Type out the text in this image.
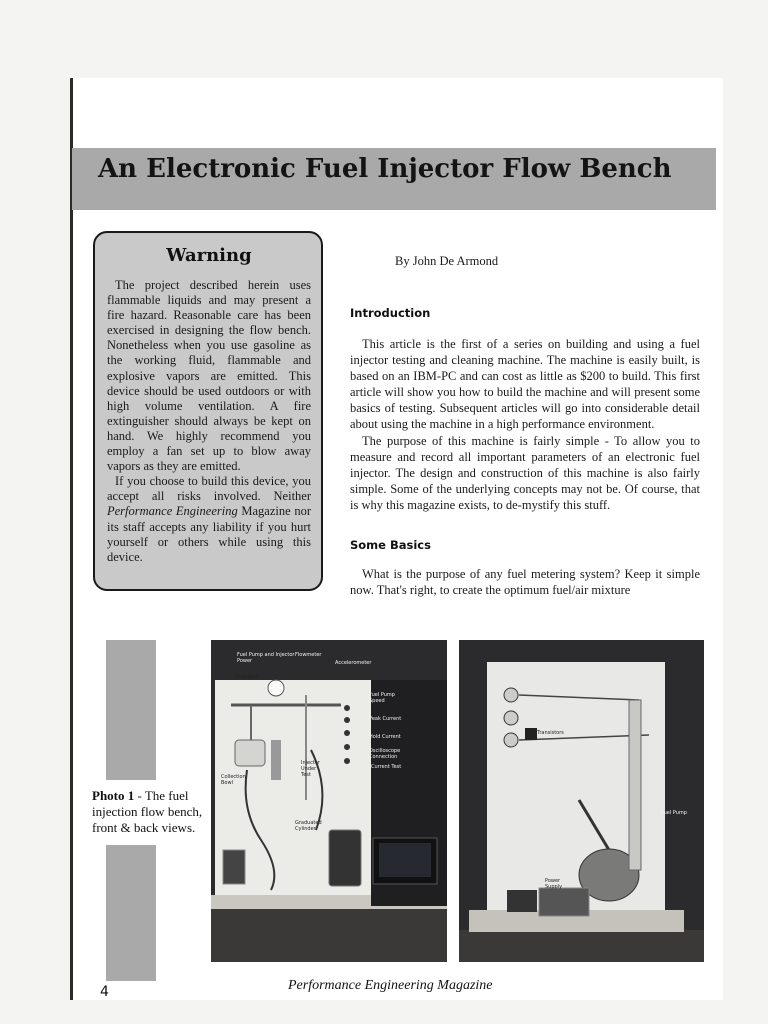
An Electronic Fuel Injector Flow Bench
Warning

The project described herein uses flammable liquids and may present a fire hazard. Reasonable care has been exercised in designing the flow bench. Nonetheless when you use gasoline as the working fluid, flammable and explosive vapors are emitted. This device should be used outdoors or with high volume ventilation. A fire extinguisher should always be kept on hand. We highly recommend you employ a fan set up to blow away vapors as they are emitted.

If you choose to build this device, you accept all risks involved. Neither Performance Engineering Magazine nor its staff accepts any liability if you hurt yourself or others while using this device.

By John De Armond
Introduction

This article is the first of a series on building and using a fuel injector testing and cleaning machine. The machine is easily built, is based on an IBM-PC and can cost as little as $200 to build. This first article will show you how to build the machine and will present some basics of testing. Subsequent articles will go into considerable detail about using the machine in a high performance environment.

The purpose of this machine is fairly simple - To allow you to measure and record all important parameters of an electronic fuel injector. The design and construction of this machine is also fairly simple. Some of the underlying concepts may not be. Of course, that is why this magazine exists, to de-mystify this stuff.

Some Basics

What is the purpose of any fuel metering system? Keep it simple now. That's right, to create the optimum fuel/air mixture

Photo 1 - The fuel injection flow bench, front & back views.
Fuel Pump and Injector Power
Flowmeter
Accelerometer
Regulator
Fuel Pump Speed
Peak Current
Hold Current
Oscilloscope Connection
Current Test
Injector Under Test
Collection Bowl
Graduated Cylinder
Transistors
Fuel Pump
Power Supply
Performance Engineering Magazine
4
